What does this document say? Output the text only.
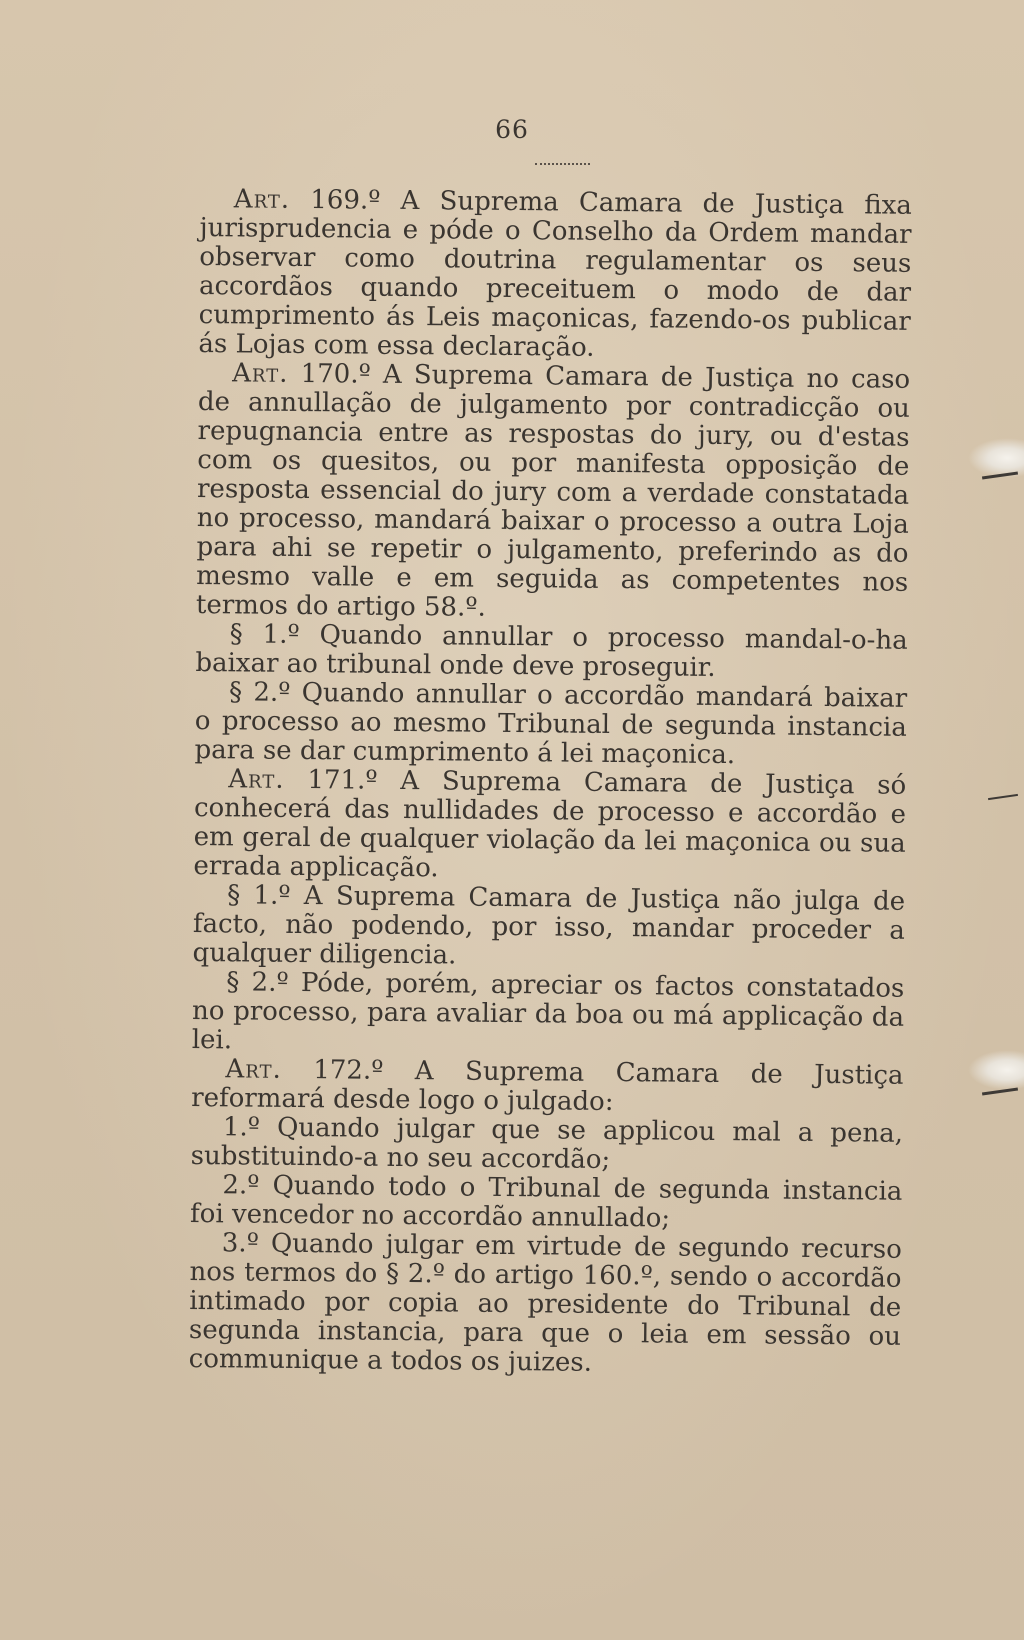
66

Art. 169.º A Suprema Camara de Justiça fixa jurisprudencia e póde o Conselho da Ordem mandar observar como doutrina regulamentar os seus accordãos quando preceituem o modo de dar cumprimento ás Leis maçonicas, fazendo-os publicar ás Lojas com essa declaração.

Art. 170.º A Suprema Camara de Justiça no caso de annullação de julgamento por contradicção ou repugnancia entre as respostas do jury, ou d'estas com os quesitos, ou por manifesta opposição de resposta essencial do jury com a verdade constatada no processo, mandará baixar o processo a outra Loja para ahi se repetir o julgamento, preferindo as do mesmo valle e em seguida as competentes nos termos do artigo 58.º.

§ 1.º Quando annullar o processo mandal-o-ha baixar ao tribunal onde deve proseguir.

§ 2.º Quando annullar o accordão mandará baixar o processo ao mesmo Tribunal de segunda instancia para se dar cumprimento á lei maçonica.

Art. 171.º A Suprema Camara de Justiça só conhecerá das nullidades de processo e accordão e em geral de qualquer violação da lei maçonica ou sua errada applicação.

§ 1.º A Suprema Camara de Justiça não julga de facto, não podendo, por isso, mandar proceder a qualquer diligencia.

§ 2.º Póde, porém, apreciar os factos constatados no processo, para avaliar da boa ou má applicação da lei.

Art. 172.º A Suprema Camara de Justiça reformará desde logo o julgado:

1.º Quando julgar que se applicou mal a pena, substituindo-a no seu accordão;

2.º Quando todo o Tribunal de segunda instancia foi vencedor no accordão annullado;

3.º Quando julgar em virtude de segundo recurso nos termos do § 2.º do artigo 160.º, sendo o accordão intimado por copia ao presidente do Tribunal de segunda instancia, para que o leia em sessão ou communique a todos os juizes.
